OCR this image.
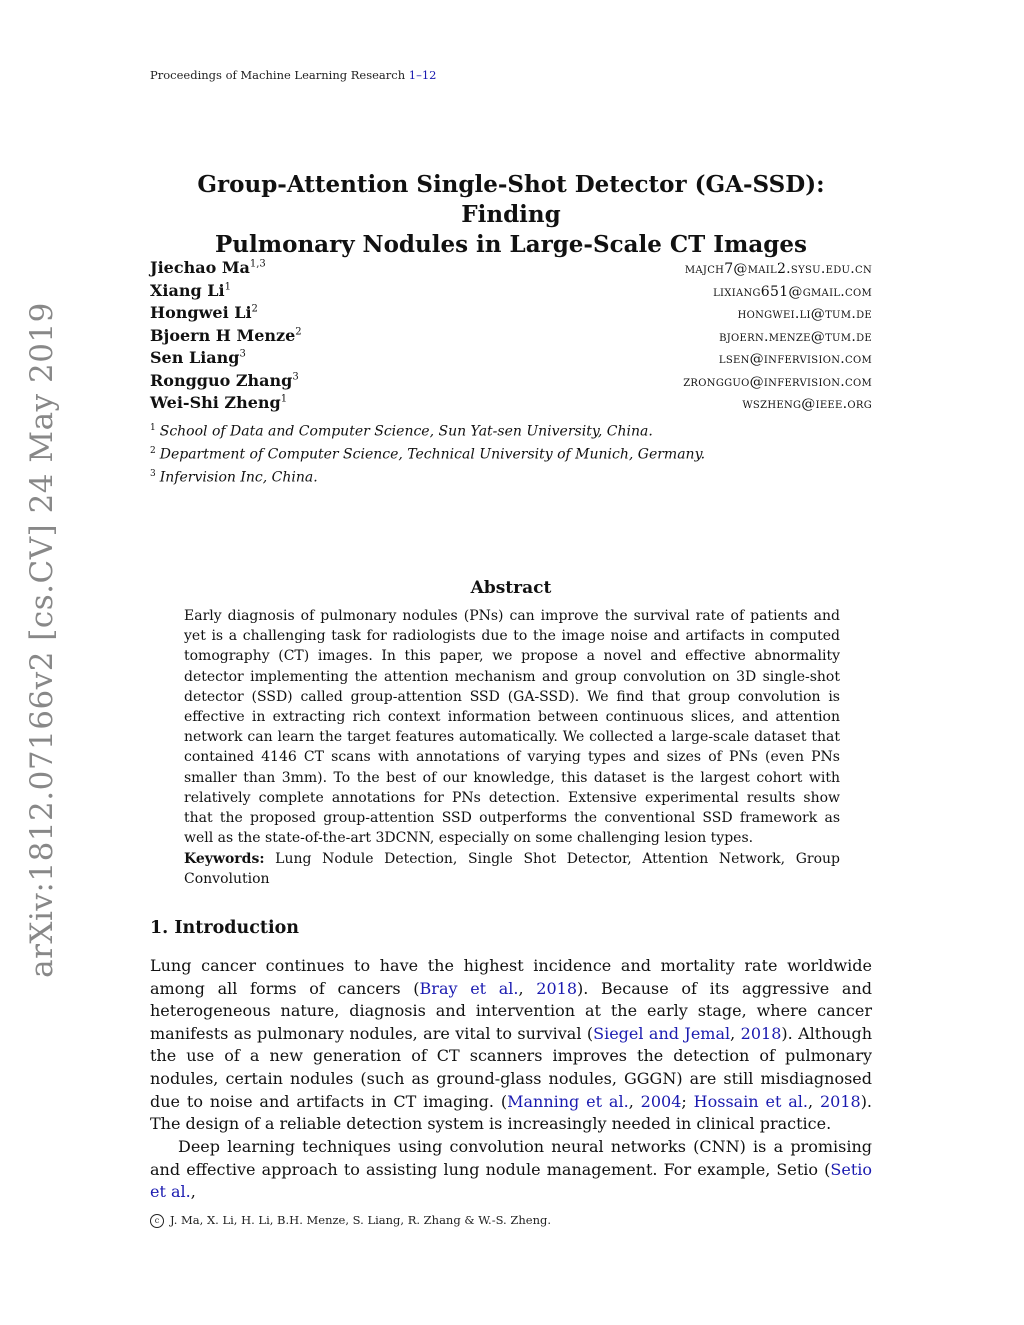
Proceedings of Machine Learning Research 1–12
arXiv:1812.07166v2 [cs.CV] 24 May 2019
Group-Attention Single-Shot Detector (GA-SSD): Finding
Pulmonary Nodules in Large-Scale CT Images
Jiechao Ma$^{1,3}$	majch7@mail2.sysu.edu.cn
Xiang Li$^1$	lixiang651@gmail.com
Hongwei Li$^2$	hongwei.li@tum.de
Bjoern H Menze$^2$	bjoern.menze@tum.de
Sen Liang$^3$	lsen@infervision.com
Rongguo Zhang$^3$	zrongguo@infervision.com
Wei-Shi Zheng$^1$	wszheng@ieee.org
$^1$ School of Data and Computer Science, Sun Yat-sen University, China.
$^2$ Department of Computer Science, Technical University of Munich, Germany.
$^3$ Infervision Inc, China.
Abstract
Early diagnosis of pulmonary nodules (PNs) can improve the survival rate of patients and yet is a challenging task for radiologists due to the image noise and artifacts in computed tomography (CT) images. In this paper, we propose a novel and effective abnormality detector implementing the attention mechanism and group convolution on 3D single-shot detector (SSD) called group-attention SSD (GA-SSD). We find that group convolution is effective in extracting rich context information between continuous slices, and attention network can learn the target features automatically. We collected a large-scale dataset that contained 4146 CT scans with annotations of varying types and sizes of PNs (even PNs smaller than 3mm). To the best of our knowledge, this dataset is the largest cohort with relatively complete annotations for PNs detection. Extensive experimental results show that the proposed group-attention SSD outperforms the conventional SSD framework as well as the state-of-the-art 3DCNN, especially on some challenging lesion types.
Keywords: Lung Nodule Detection, Single Shot Detector, Attention Network, Group Convolution
1. Introduction
Lung cancer continues to have the highest incidence and mortality rate worldwide among all forms of cancers (Bray et al., 2018). Because of its aggressive and heterogeneous nature, diagnosis and intervention at the early stage, where cancer manifests as pulmonary nodules, are vital to survival (Siegel and Jemal, 2018). Although the use of a new generation of CT scanners improves the detection of pulmonary nodules, certain nodules (such as ground-glass nodules, GGGN) are still misdiagnosed due to noise and artifacts in CT imaging. (Manning et al., 2004; Hossain et al., 2018). The design of a reliable detection system is increasingly needed in clinical practice.
Deep learning techniques using convolution neural networks (CNN) is a promising and effective approach to assisting lung nodule management. For example, Setio (Setio et al.,
c J. Ma, X. Li, H. Li, B.H. Menze, S. Liang, R. Zhang & W.-S. Zheng.
